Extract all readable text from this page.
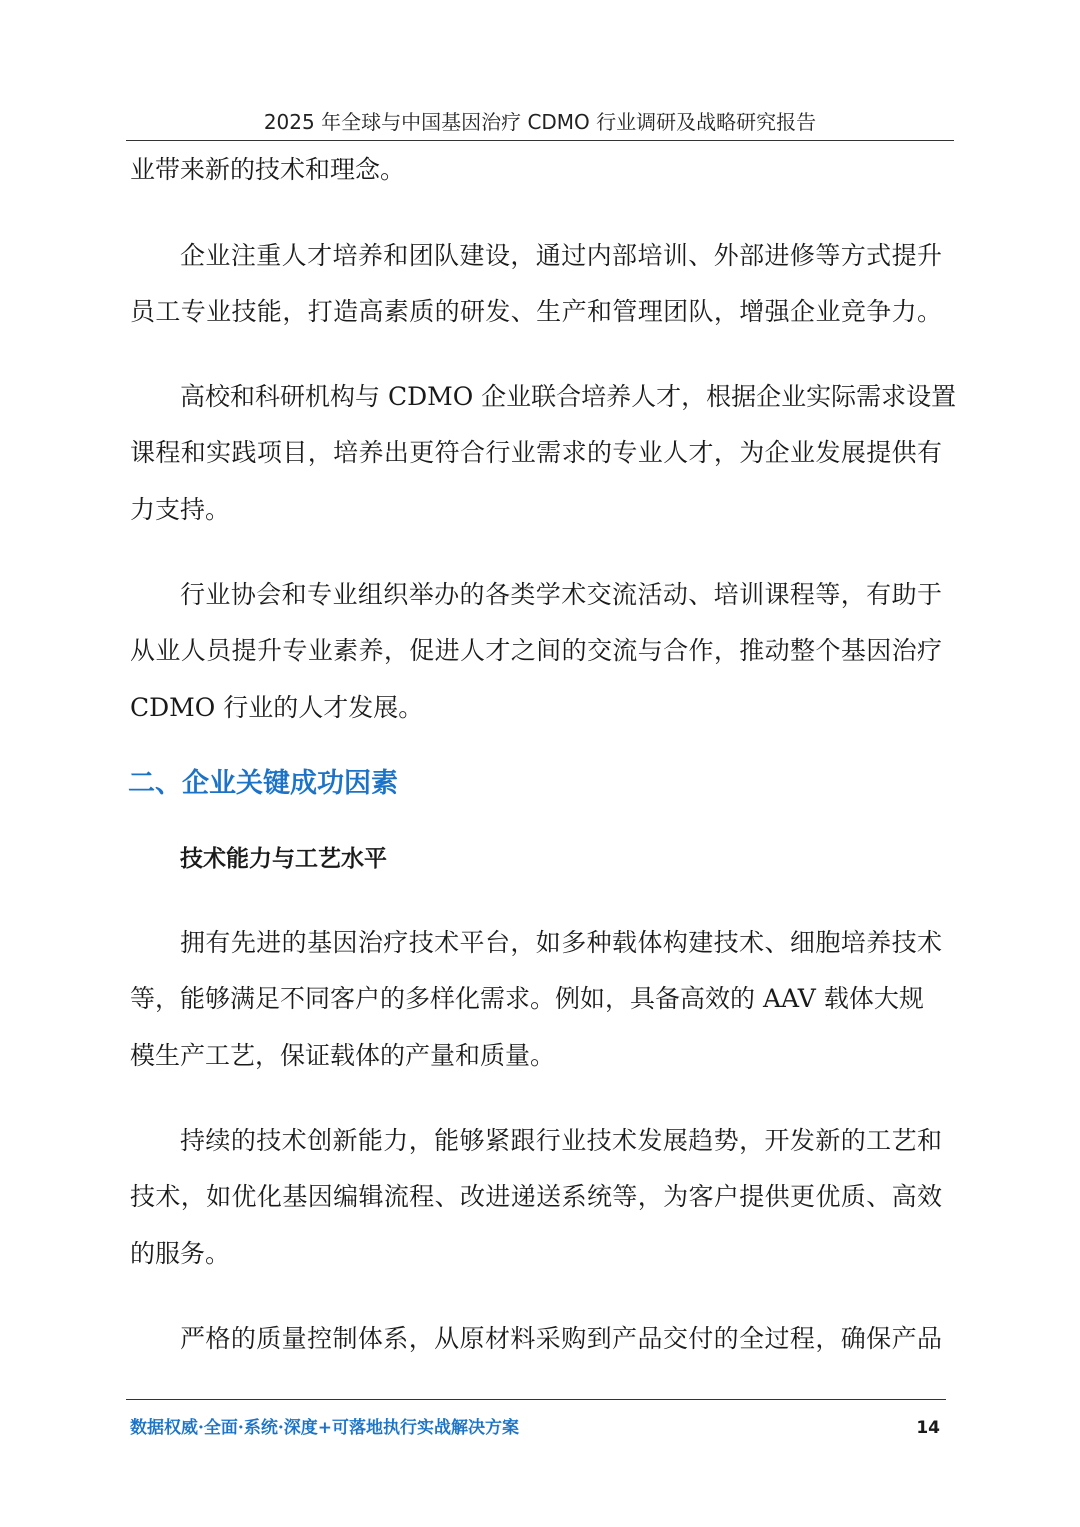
2025 年全球与中国基因治疗 CDMO 行业调研及战略研究报告
业带来新的技术和理念。
企业注重人才培养和团队建设，通过内部培训、外部进修等方式提升
员工专业技能，打造高素质的研发、生产和管理团队，增强企业竞争力。
高校和科研机构与 CDMO 企业联合培养人才，根据企业实际需求设置
课程和实践项目，培养出更符合行业需求的专业人才，为企业发展提供有
力支持。
行业协会和专业组织举办的各类学术交流活动、培训课程等，有助于
从业人员提升专业素养，促进人才之间的交流与合作，推动整个基因治疗
CDMO 行业的人才发展。
二、企业关键成功因素
技术能力与工艺水平
拥有先进的基因治疗技术平台，如多种载体构建技术、细胞培养技术
等，能够满足不同客户的多样化需求。例如，具备高效的 AAV 载体大规
模生产工艺，保证载体的产量和质量。
持续的技术创新能力，能够紧跟行业技术发展趋势，开发新的工艺和
技术，如优化基因编辑流程、改进递送系统等，为客户提供更优质、高效
的服务。
严格的质量控制体系，从原材料采购到产品交付的全过程，确保产品
数据权威·全面·系统·深度+可落地执行实战解决方案	14
